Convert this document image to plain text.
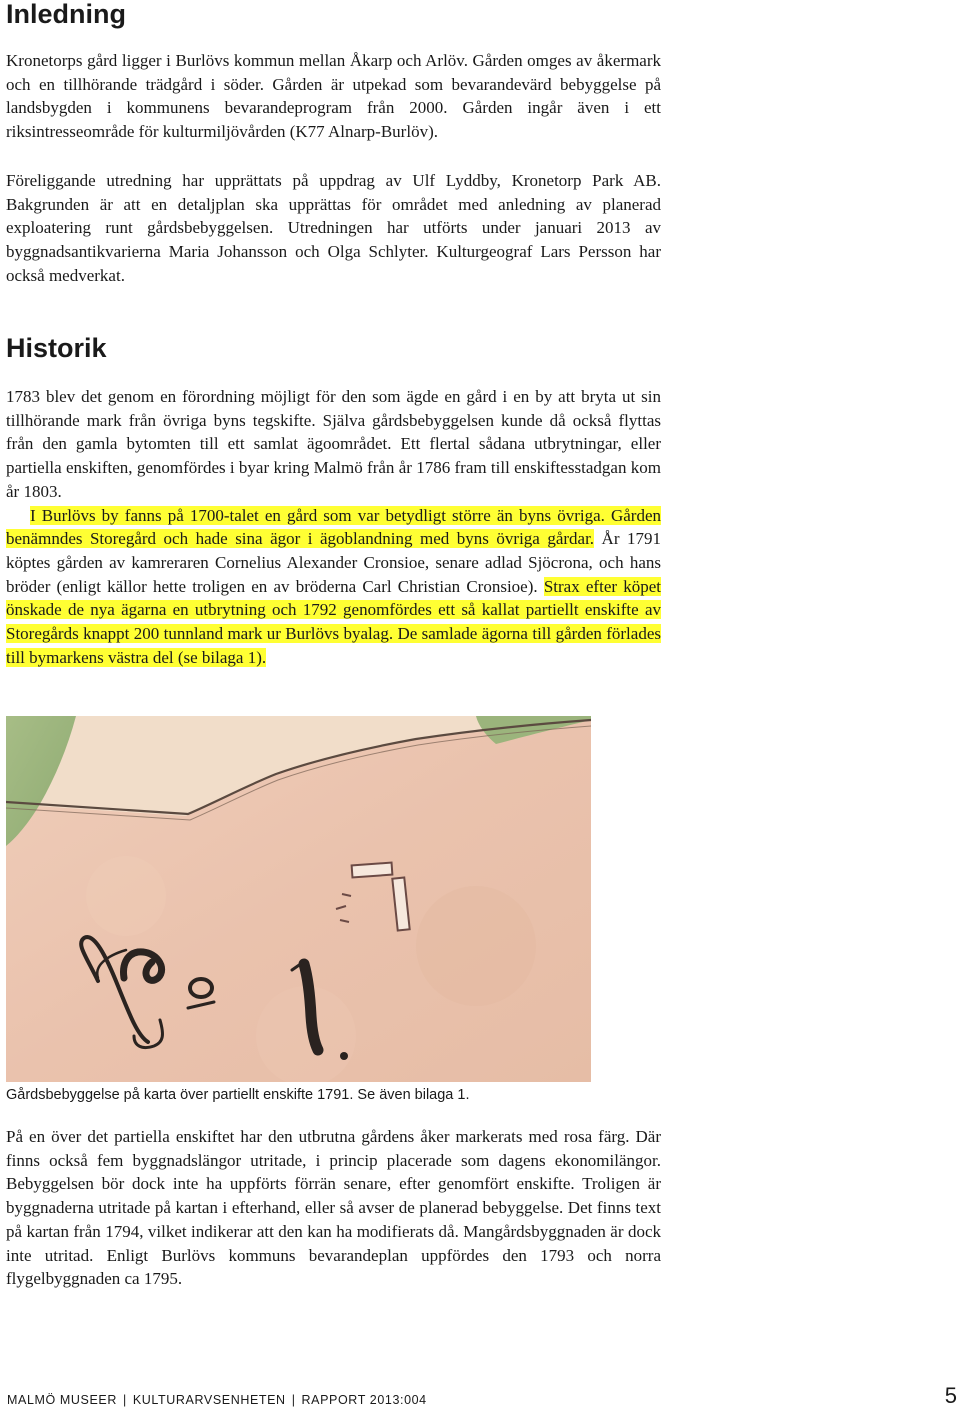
Inledning

Kronetorps gård ligger i Burlövs kommun mellan Åkarp och Arlöv. Gården omges av åkermark och en tillhörande trädgård i söder. Gården är utpekad som bevarandevärd bebyggelse på landsbygden i kommunens bevarandeprogram från 2000. Gården ingår även i ett riksintresseområde för kulturmiljövården (K77 Alnarp-Burlöv).

Föreliggande utredning har upprättats på uppdrag av Ulf Lyddby, Kronetorp Park AB. Bakgrunden är att en detaljplan ska upprättas för området med anledning av planerad exploatering runt gårdsbebyggelsen. Utredningen har utförts under januari 2013 av byggnadsantikvarierna Maria Johansson och Olga Schlyter. Kulturgeograf Lars Persson har också medverkat.

Historik

1783 blev det genom en förordning möjligt för den som ägde en gård i en by att bryta ut sin tillhörande mark från övriga byns tegskifte. Själva gårdsbebyggelsen kunde då också flyttas från den gamla bytomten till ett samlat ägoområdet. Ett flertal sådana utbrytningar, eller partiella enskiften, genomfördes i byar kring Malmö från år 1786 fram till enskiftesstadgan kom år 1803.
I Burlövs by fanns på 1700-talet en gård som var betydligt större än byns övriga. Gården benämndes Storegård och hade sina ägor i ägoblandning med byns övriga gårdar. År 1791 köptes gården av kamreraren Cornelius Alexander Cronsioe, senare adlad Sjöcrona, och hans bröder (enligt källor hette troligen en av bröderna Carl Christian Cronsioe). Strax efter köpet önskade de nya ägarna en utbrytning och 1792 genomfördes ett så kallat partiellt enskifte av Storegårds knappt 200 tunnland mark ur Burlövs byalag. De samlade ägorna till gården förlades till bymarkens västra del (se bilaga 1).

Gårdsbebyggelse på karta över partiellt enskifte 1791. Se även bilaga 1.

På en över det partiella enskiftet har den utbrutna gårdens åker markerats med rosa färg. Där finns också fem byggnadslängor utritade, i princip placerade som dagens ekonomilängor. Bebyggelsen bör dock inte ha uppförts förrän senare, efter genomfört enskifte. Troligen är byggnaderna utritade på kartan i efterhand, eller så avser de planerad bebyggelse. Det finns text på kartan från 1794, vilket indikerar att den kan ha modifierats då. Mangårdsbyggnaden är dock inte utritad. Enligt Burlövs kommuns bevarandeplan uppfördes den 1793 och norra flygelbyggnaden ca 1795.

MALMÖ MUSEER | KULTURARVSENHETEN | RAPPORT 2013:004	5
